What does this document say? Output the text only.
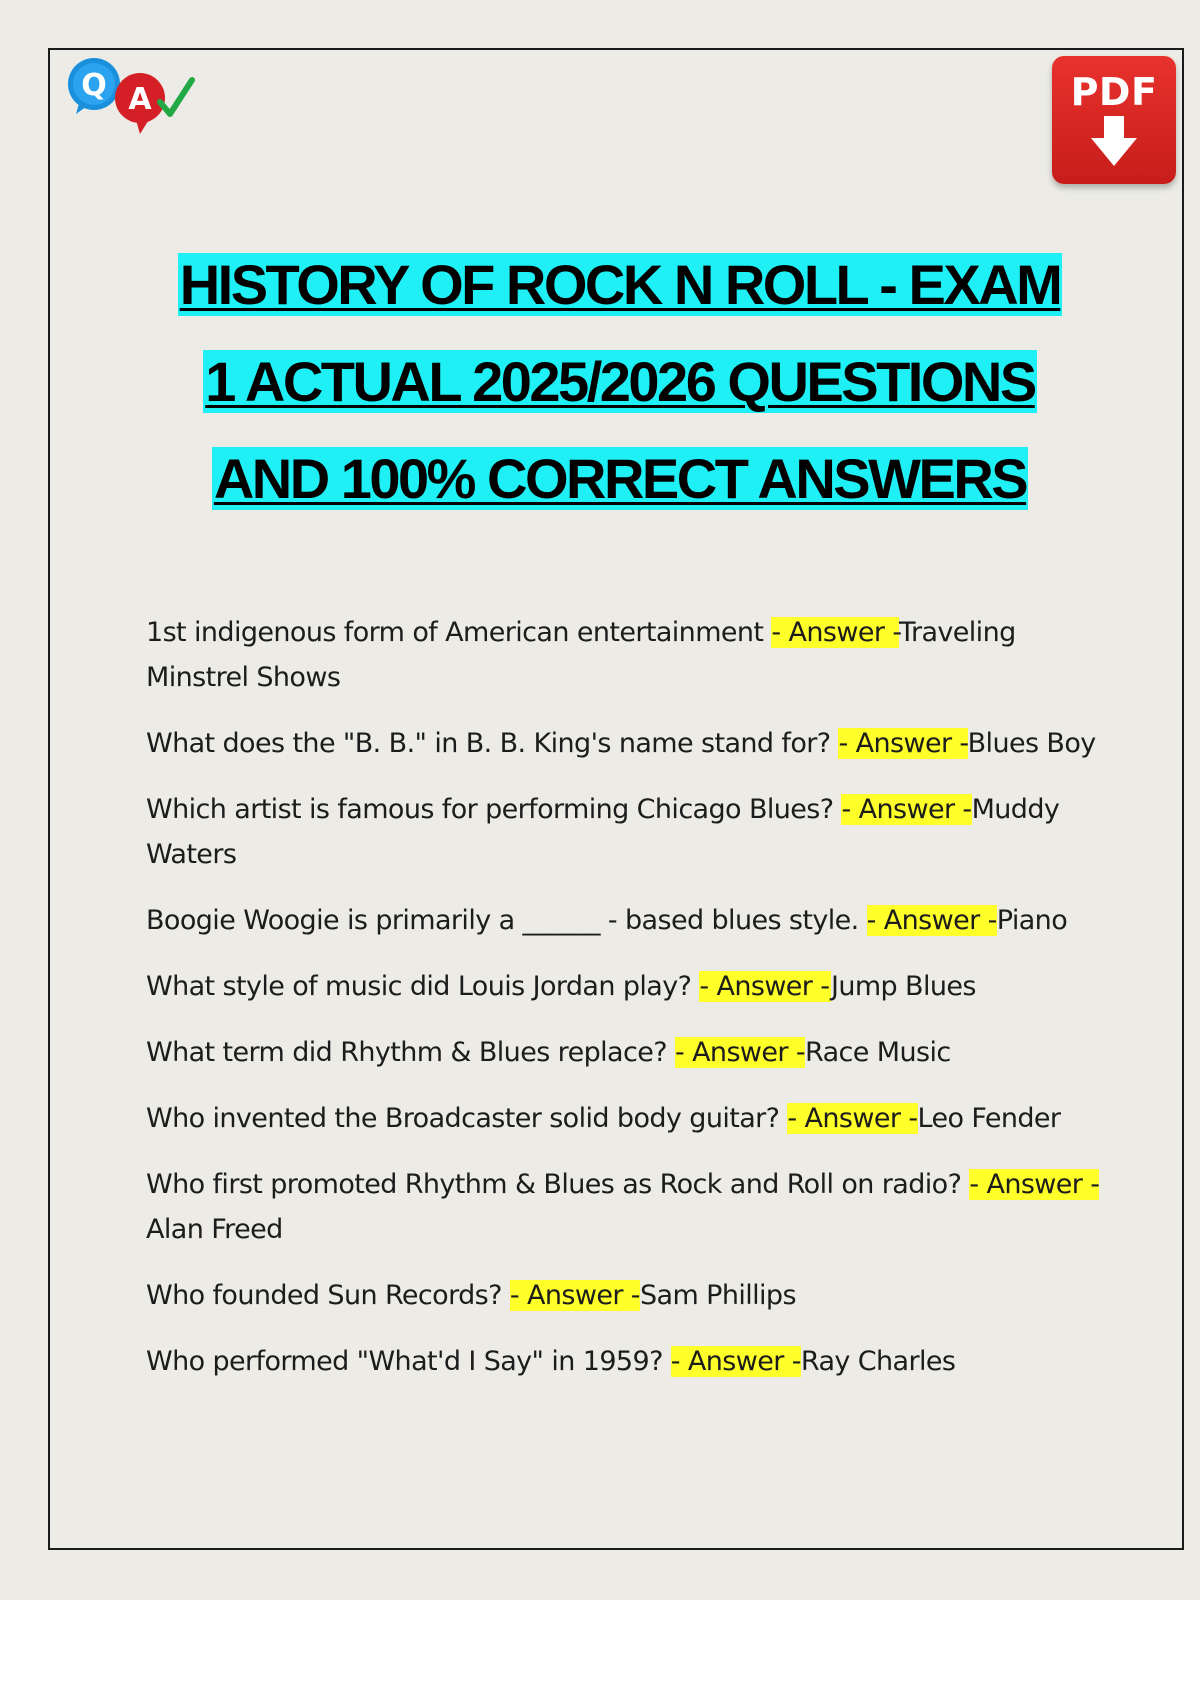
Q A	PDF
HISTORY OF ROCK N ROLL - EXAM
1 ACTUAL 2025/2026 QUESTIONS
AND 100% CORRECT ANSWERS

1st indigenous form of American entertainment - Answer -Traveling Minstrel Shows

What does the "B. B." in B. B. King's name stand for? - Answer -Blues Boy

Which artist is famous for performing Chicago Blues? - Answer -Muddy Waters

Boogie Woogie is primarily a ______ - based blues style. - Answer -Piano

What style of music did Louis Jordan play? - Answer -Jump Blues

What term did Rhythm & Blues replace? - Answer -Race Music

Who invented the Broadcaster solid body guitar? - Answer -Leo Fender

Who first promoted Rhythm & Blues as Rock and Roll on radio? - Answer -Alan Freed

Who founded Sun Records? - Answer -Sam Phillips

Who performed "What'd I Say" in 1959? - Answer -Ray Charles
